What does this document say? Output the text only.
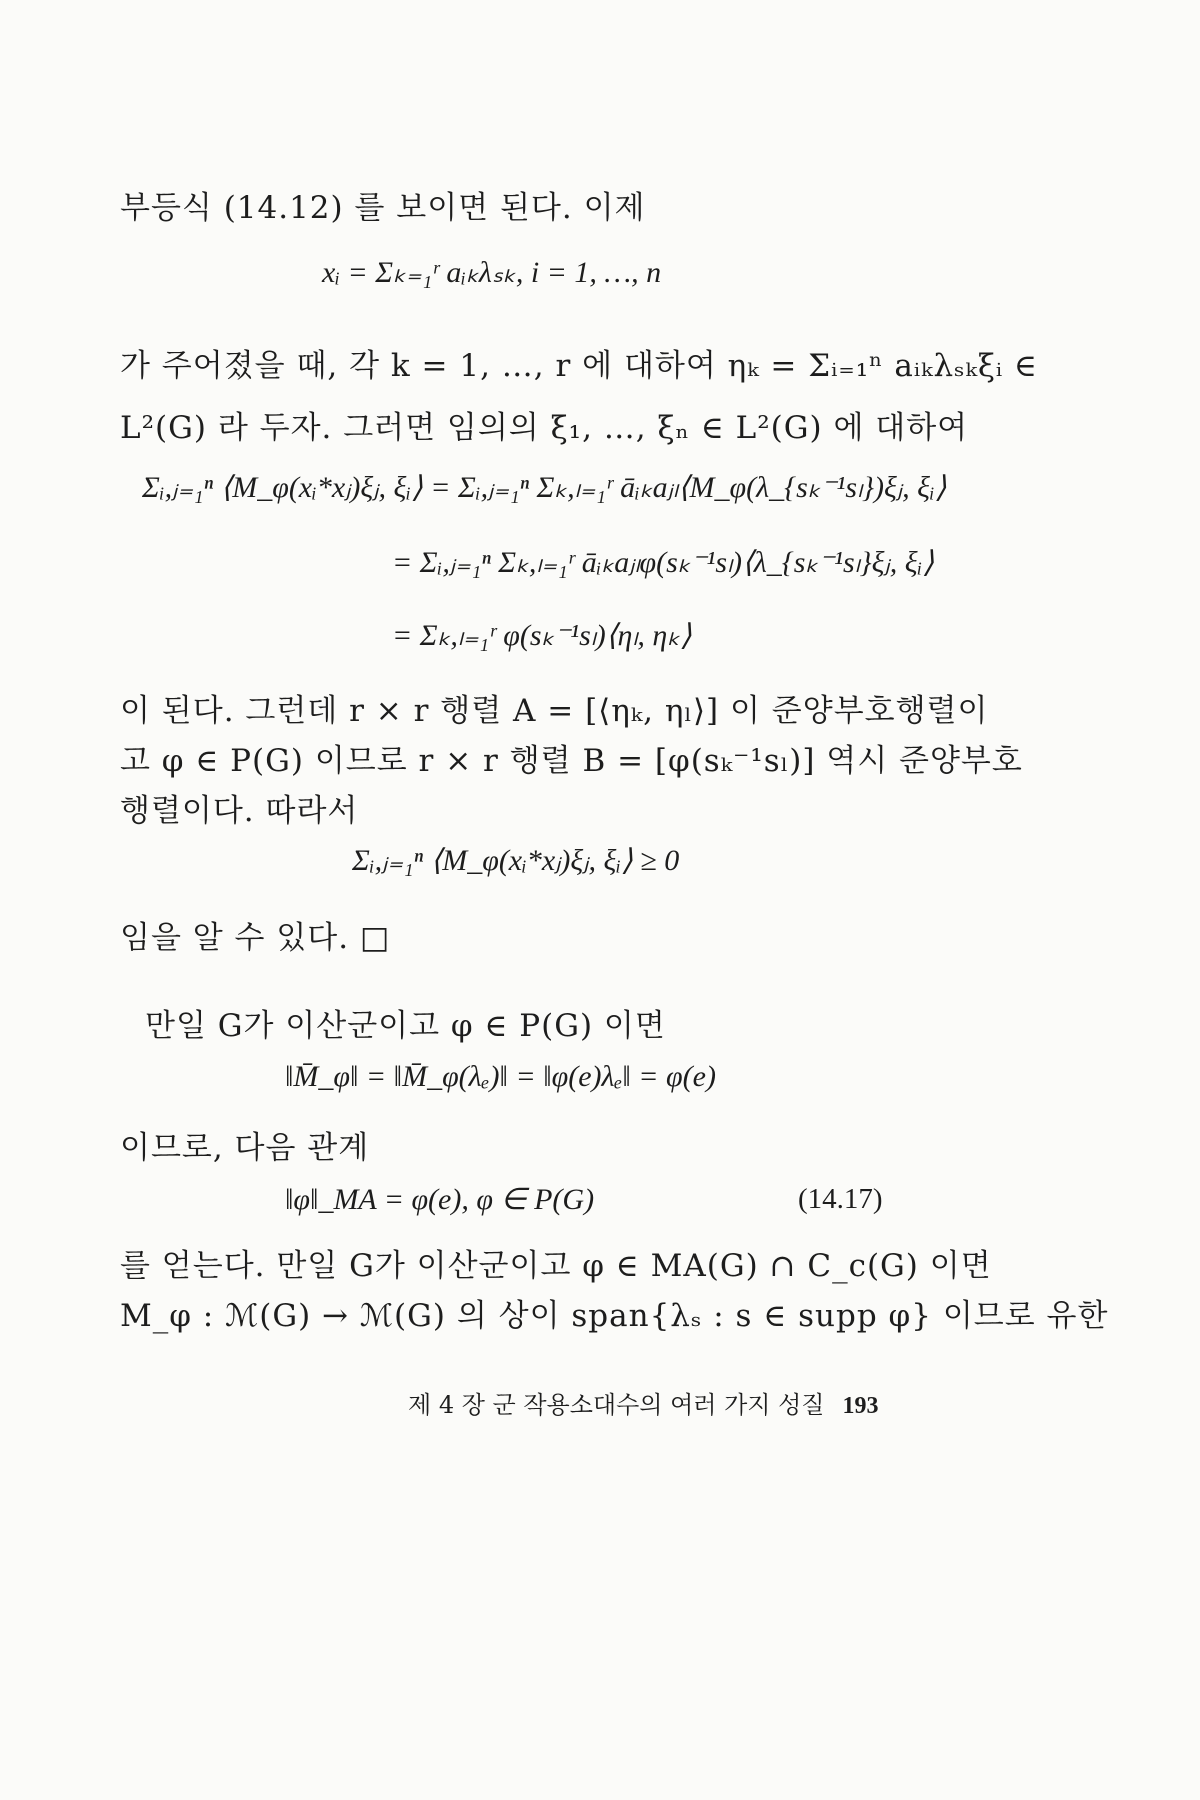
부등식 (14.12) 를 보이면 된다. 이제
xᵢ = Σₖ₌₁ʳ aᵢₖλₛₖ, i = 1, …, n
가 주어졌을 때, 각 k = 1, …, r 에 대하여 ηₖ = Σᵢ₌₁ⁿ aᵢₖλₛₖξᵢ ∈
L²(G) 라 두자. 그러면 임의의 ξ₁, …, ξₙ ∈ L²(G) 에 대하여
Σᵢ,ⱼ₌₁ⁿ ⟨M_φ(xᵢ*xⱼ)ξⱼ, ξᵢ⟩ = Σᵢ,ⱼ₌₁ⁿ Σₖ,ₗ₌₁ʳ āᵢₖaⱼₗ⟨M_φ(λ_{sₖ⁻¹sₗ})ξⱼ, ξᵢ⟩
= Σᵢ,ⱼ₌₁ⁿ Σₖ,ₗ₌₁ʳ āᵢₖaⱼₗφ(sₖ⁻¹sₗ)⟨λ_{sₖ⁻¹sₗ}ξⱼ, ξᵢ⟩
= Σₖ,ₗ₌₁ʳ φ(sₖ⁻¹sₗ)⟨ηₗ, ηₖ⟩
이 된다. 그런데 r × r 행렬 A = [⟨ηₖ, ηₗ⟩] 이 준양부호행렬이
고 φ ∈ P(G) 이므로 r × r 행렬 B = [φ(sₖ⁻¹sₗ)] 역시 준양부호
행렬이다. 따라서
Σᵢ,ⱼ₌₁ⁿ ⟨M_φ(xᵢ*xⱼ)ξⱼ, ξᵢ⟩ ≥ 0
임을 알 수 있다. □
만일 G가 이산군이고 φ ∈ P(G) 이면
‖M̄_φ‖ = ‖M̄_φ(λₑ)‖ = ‖φ(e)λₑ‖ = φ(e)
이므로, 다음 관계
‖φ‖_MA = φ(e), φ ∈ P(G)	(14.17)
를 얻는다. 만일 G가 이산군이고 φ ∈ MA(G) ∩ C_c(G) 이면
M_φ : ℳ(G) → ℳ(G) 의 상이 span{λₛ : s ∈ supp φ} 이므로 유한
제 4 장 군 작용소대수의 여러 가지 성질 193
